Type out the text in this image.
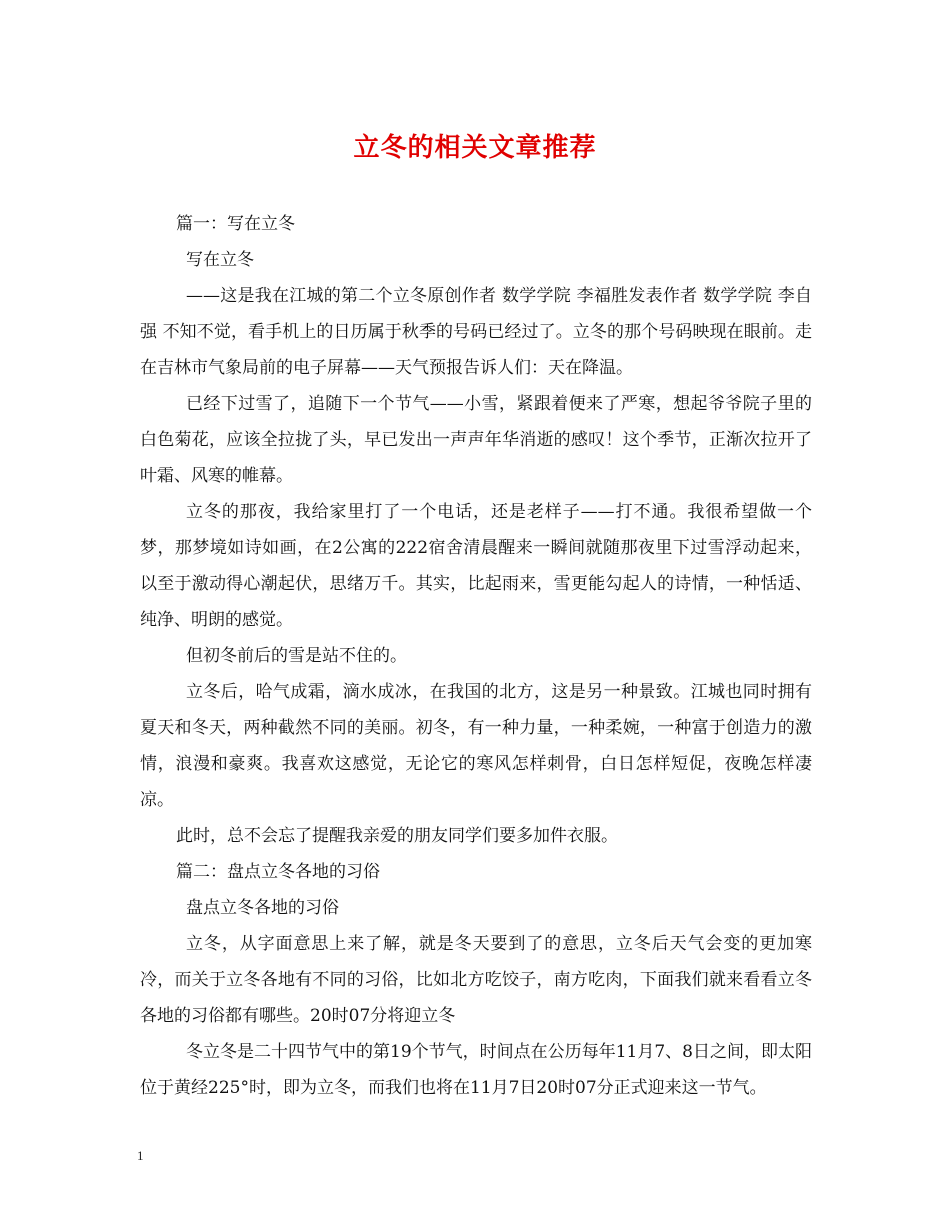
立冬的相关文章推荐

篇一：写在立冬

写在立冬

——这是我在江城的第二个立冬原创作者 数学学院 李福胜发表作者 数学学院 李自强 不知不觉，看手机上的日历属于秋季的号码已经过了。立冬的那个号码映现在眼前。走在吉林市气象局前的电子屏幕——天气预报告诉人们：天在降温。

已经下过雪了，追随下一个节气——小雪，紧跟着便来了严寒，想起爷爷院子里的白色菊花，应该全拉拢了头，早已发出一声声年华消逝的感叹！这个季节，正渐次拉开了叶霜、风寒的帷幕。

立冬的那夜，我给家里打了一个电话，还是老样子——打不通。我很希望做一个梦，那梦境如诗如画，在2公寓的222宿舍清晨醒来一瞬间就随那夜里下过雪浮动起来，以至于激动得心潮起伏，思绪万千。其实，比起雨来，雪更能勾起人的诗情，一种恬适、纯净、明朗的感觉。

但初冬前后的雪是站不住的。

立冬后，哈气成霜，滴水成冰，在我国的北方，这是另一种景致。江城也同时拥有夏天和冬天，两种截然不同的美丽。初冬，有一种力量，一种柔婉，一种富于创造力的激情，浪漫和豪爽。我喜欢这感觉，无论它的寒风怎样刺骨，白日怎样短促，夜晚怎样凄凉。

此时，总不会忘了提醒我亲爱的朋友同学们要多加件衣服。

篇二：盘点立冬各地的习俗

盘点立冬各地的习俗

立冬，从字面意思上来了解，就是冬天要到了的意思，立冬后天气会变的更加寒冷，而关于立冬各地有不同的习俗，比如北方吃饺子，南方吃肉，下面我们就来看看立冬各地的习俗都有哪些。20时07分将迎立冬

冬立冬是二十四节气中的第19个节气，时间点在公历每年11月7、8日之间，即太阳位于黄经225°时，即为立冬，而我们也将在11月7日20时07分正式迎来这一节气。

1
